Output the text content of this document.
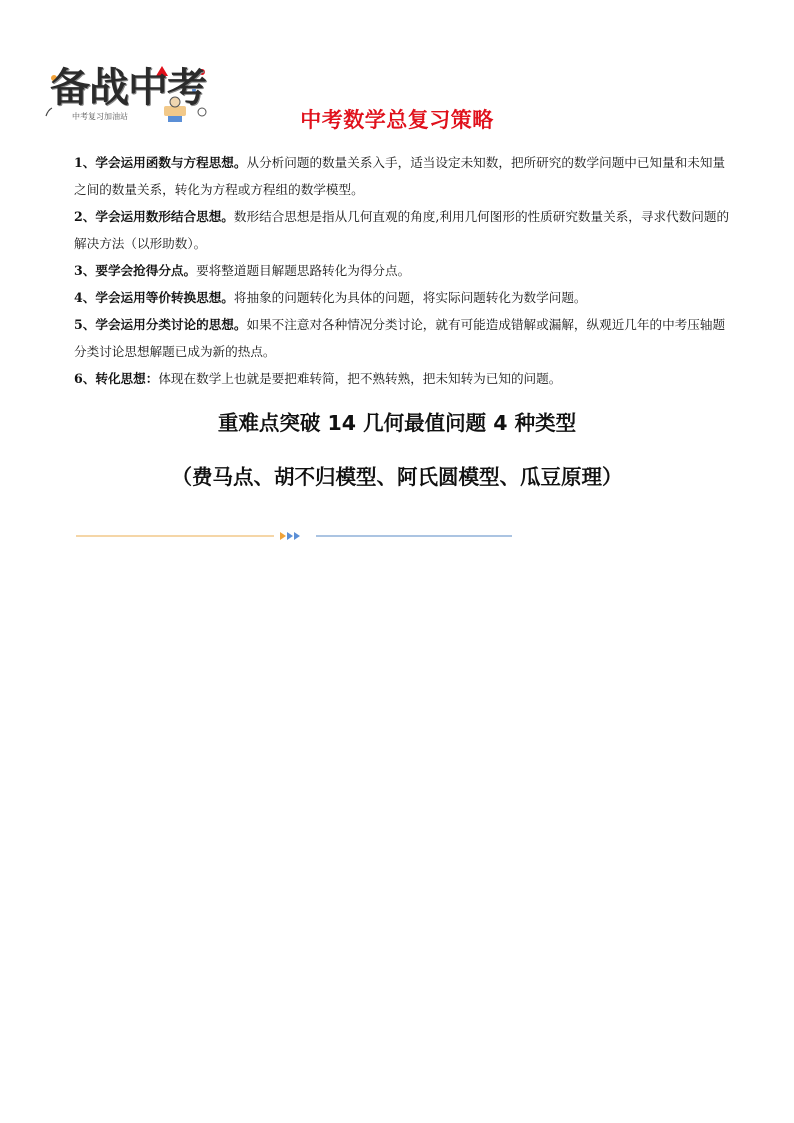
备战中考
中考复习加油站	中考数学总复习策略

1、学会运用函数与方程思想。从分析问题的数量关系入手，适当设定未知数，把所研究的数学问题中已知量和未知量之间的数量关系，转化为方程或方程组的数学模型。

2、学会运用数形结合思想。数形结合思想是指从几何直观的角度,利用几何图形的性质研究数量关系，寻求代数问题的解决方法（以形助数）。

3、要学会抢得分点。要将整道题目解题思路转化为得分点。

4、学会运用等价转换思想。将抽象的问题转化为具体的问题，将实际问题转化为数学问题。

5、学会运用分类讨论的思想。如果不注意对各种情况分类讨论，就有可能造成错解或漏解，纵观近几年的中考压轴题分类讨论思想解题已成为新的热点。

6、转化思想：体现在数学上也就是要把难转简，把不熟转熟，把未知转为已知的问题。

重难点突破 14 几何最值问题 4 种类型
（费马点、胡不归模型、阿氏圆模型、瓜豆原理）
